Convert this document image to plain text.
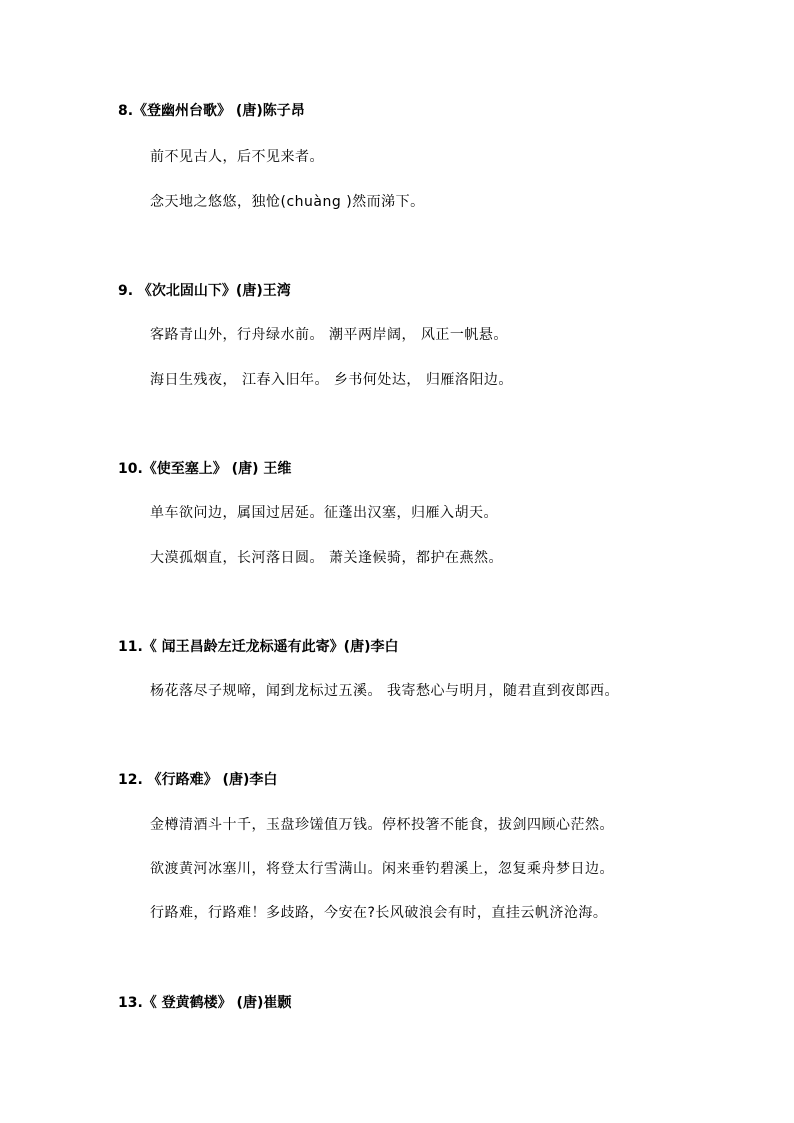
8.《登幽州台歌》 (唐)陈子昂
前不见古人，后不见来者。
念天地之悠悠，独怆(chuàng )然而涕下。
9. 《次北固山下》(唐)王湾
客路青山外，行舟绿水前。 潮平两岸阔， 风正一帆悬。
海日生残夜， 江春入旧年。 乡书何处达， 归雁洛阳边。
10.《使至塞上》 (唐) 王维
单车欲问边，属国过居延。征蓬出汉塞，归雁入胡天。
大漠孤烟直，长河落日圆。 萧关逢候骑，都护在燕然。
11.《 闻王昌龄左迁龙标遥有此寄》(唐)李白
杨花落尽子规啼，闻到龙标过五溪。 我寄愁心与明月，随君直到夜郎西。
12. 《行路难》 (唐)李白
金樽清酒斗十千，玉盘珍馐值万钱。停杯投箸不能食，拔剑四顾心茫然。
欲渡黄河冰塞川，将登太行雪满山。闲来垂钓碧溪上，忽复乘舟梦日边。
行路难，行路难！多歧路，今安在?长风破浪会有时，直挂云帆济沧海。
13.《 登黄鹤楼》 (唐)崔颢
